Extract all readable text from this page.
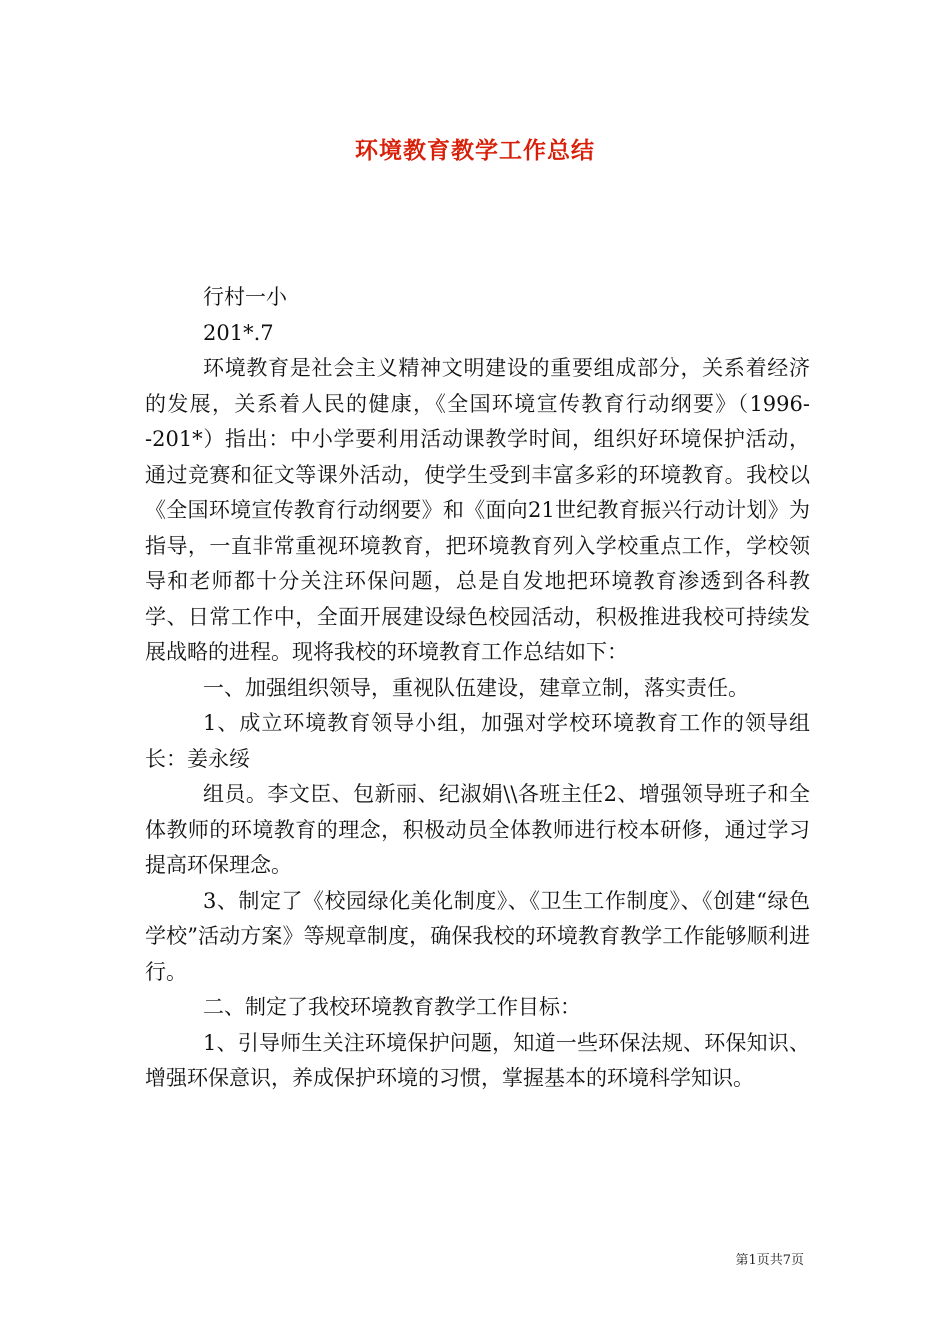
环境教育教学工作总结

行村一小

201*.7

环境教育是社会主义精神文明建设的重要组成部分，关系着经济的发展，关系着人民的健康，《全国环境宣传教育行动纲要》（1996--201*）指出：中小学要利用活动课教学时间，组织好环境保护活动，通过竞赛和征文等课外活动，使学生受到丰富多彩的环境教育。我校以《全国环境宣传教育行动纲要》和《面向21世纪教育振兴行动计划》为指导，一直非常重视环境教育，把环境教育列入学校重点工作，学校领导和老师都十分关注环保问题，总是自发地把环境教育渗透到各科教学、日常工作中，全面开展建设绿色校园活动，积极推进我校可持续发展战略的进程。现将我校的环境教育工作总结如下：

一、加强组织领导，重视队伍建设，建章立制，落实责任。

1、成立环境教育领导小组，加强对学校环境教育工作的领导组长：姜永绥

组员。李文臣、包新丽、纪淑娟\\各班主任2、增强领导班子和全体教师的环境教育的理念，积极动员全体教师进行校本研修，通过学习提高环保理念。

3、制定了《校园绿化美化制度》、《卫生工作制度》、《创建“绿色学校”活动方案》等规章制度，确保我校的环境教育教学工作能够顺利进行。

二、制定了我校环境教育教学工作目标：

1、引导师生关注环境保护问题，知道一些环保法规、环保知识、增强环保意识，养成保护环境的习惯，掌握基本的环境科学知识。

第1页共7页
